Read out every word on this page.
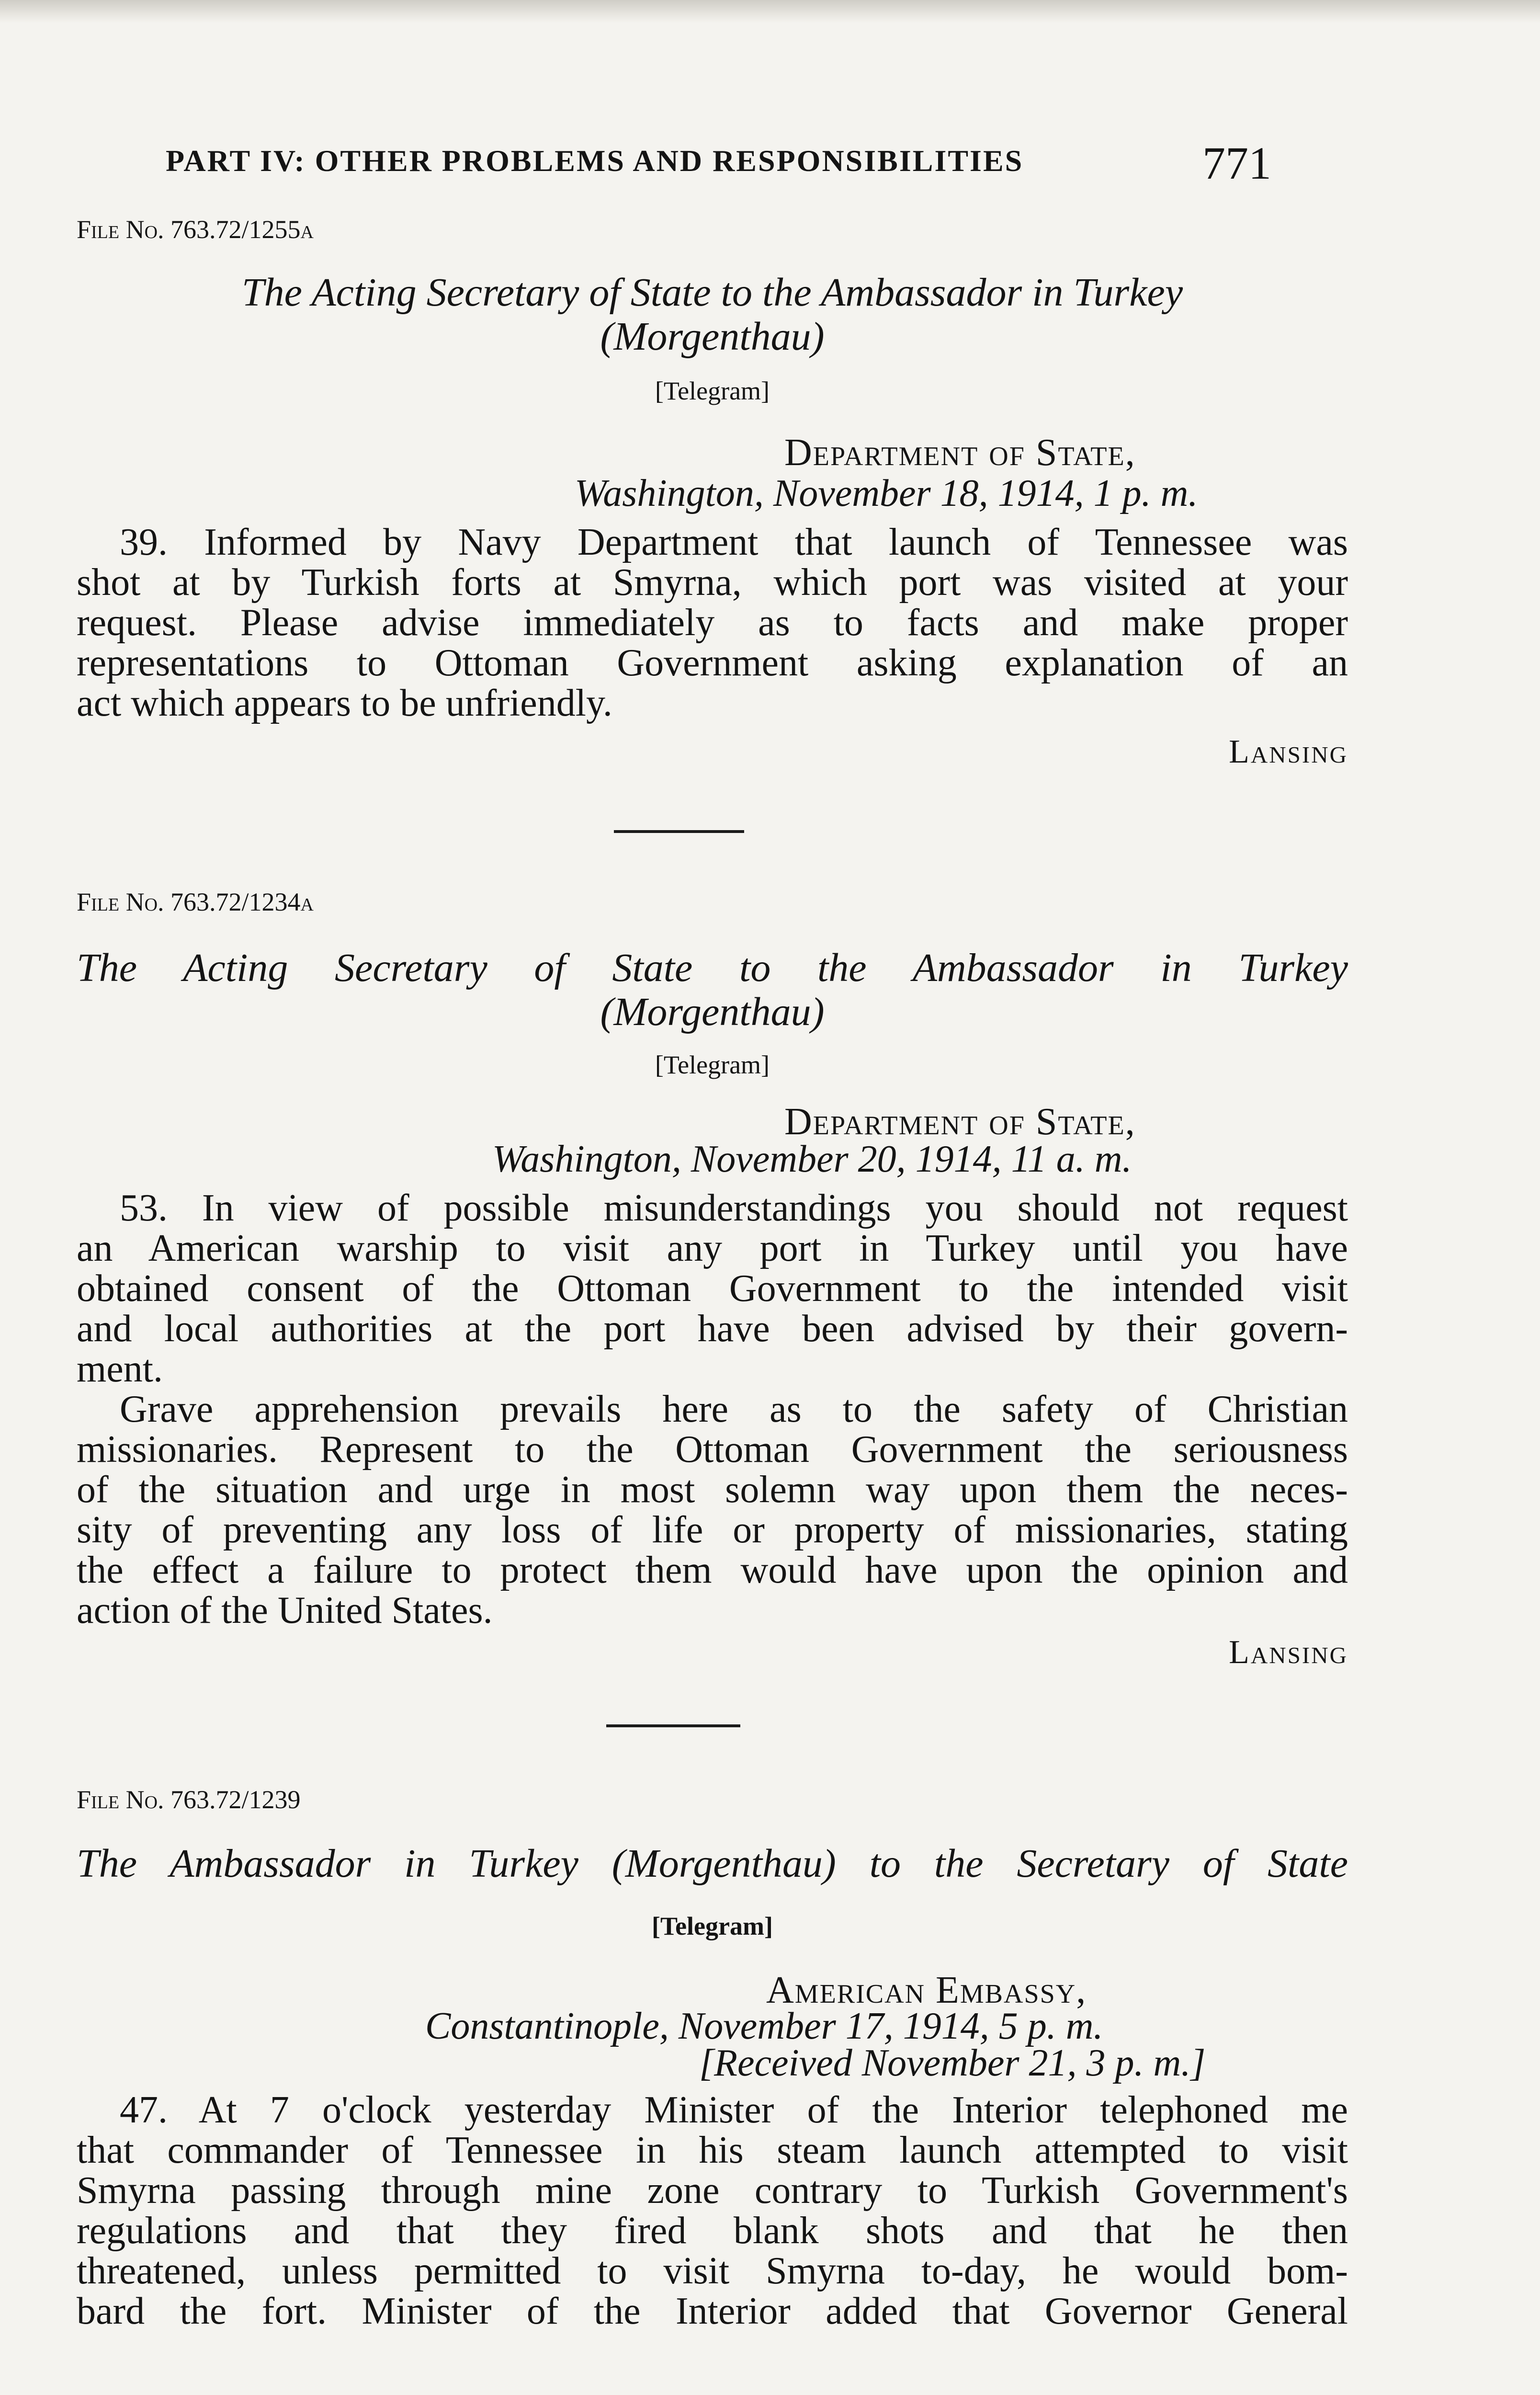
PART IV: OTHER PROBLEMS AND RESPONSIBILITIES	771
File No. 763.72/1255a
The Acting Secretary of State to the Ambassador in Turkey
(Morgenthau)
[Telegram]
Department of State,
Washington, November 18, 1914, 1 p. m.
39. Informed by Navy Department that launch of Tennessee was
shot at by Turkish forts at Smyrna, which port was visited at your
request. Please advise immediately as to facts and make proper
representations to Ottoman Government asking explanation of an
act which appears to be unfriendly.
Lansing
File No. 763.72/1234a
The Acting Secretary of State to the Ambassador in Turkey
(Morgenthau)
[Telegram]
Department of State,
Washington, November 20, 1914, 11 a. m.
53. In view of possible misunderstandings you should not request
an American warship to visit any port in Turkey until you have
obtained consent of the Ottoman Government to the intended visit
and local authorities at the port have been advised by their govern-
ment.
Grave apprehension prevails here as to the safety of Christian
missionaries. Represent to the Ottoman Government the seriousness
of the situation and urge in most solemn way upon them the neces-
sity of preventing any loss of life or property of missionaries, stating
the effect a failure to protect them would have upon the opinion and
action of the United States.
Lansing
File No. 763.72/1239
The Ambassador in Turkey (Morgenthau) to the Secretary of State
[Telegram]
American Embassy,
Constantinople, November 17, 1914, 5 p. m.
[Received November 21, 3 p. m.]
47. At 7 o'clock yesterday Minister of the Interior telephoned me
that commander of Tennessee in his steam launch attempted to visit
Smyrna passing through mine zone contrary to Turkish Government's
regulations and that they fired blank shots and that he then
threatened, unless permitted to visit Smyrna to-day, he would bom-
bard the fort. Minister of the Interior added that Governor General
